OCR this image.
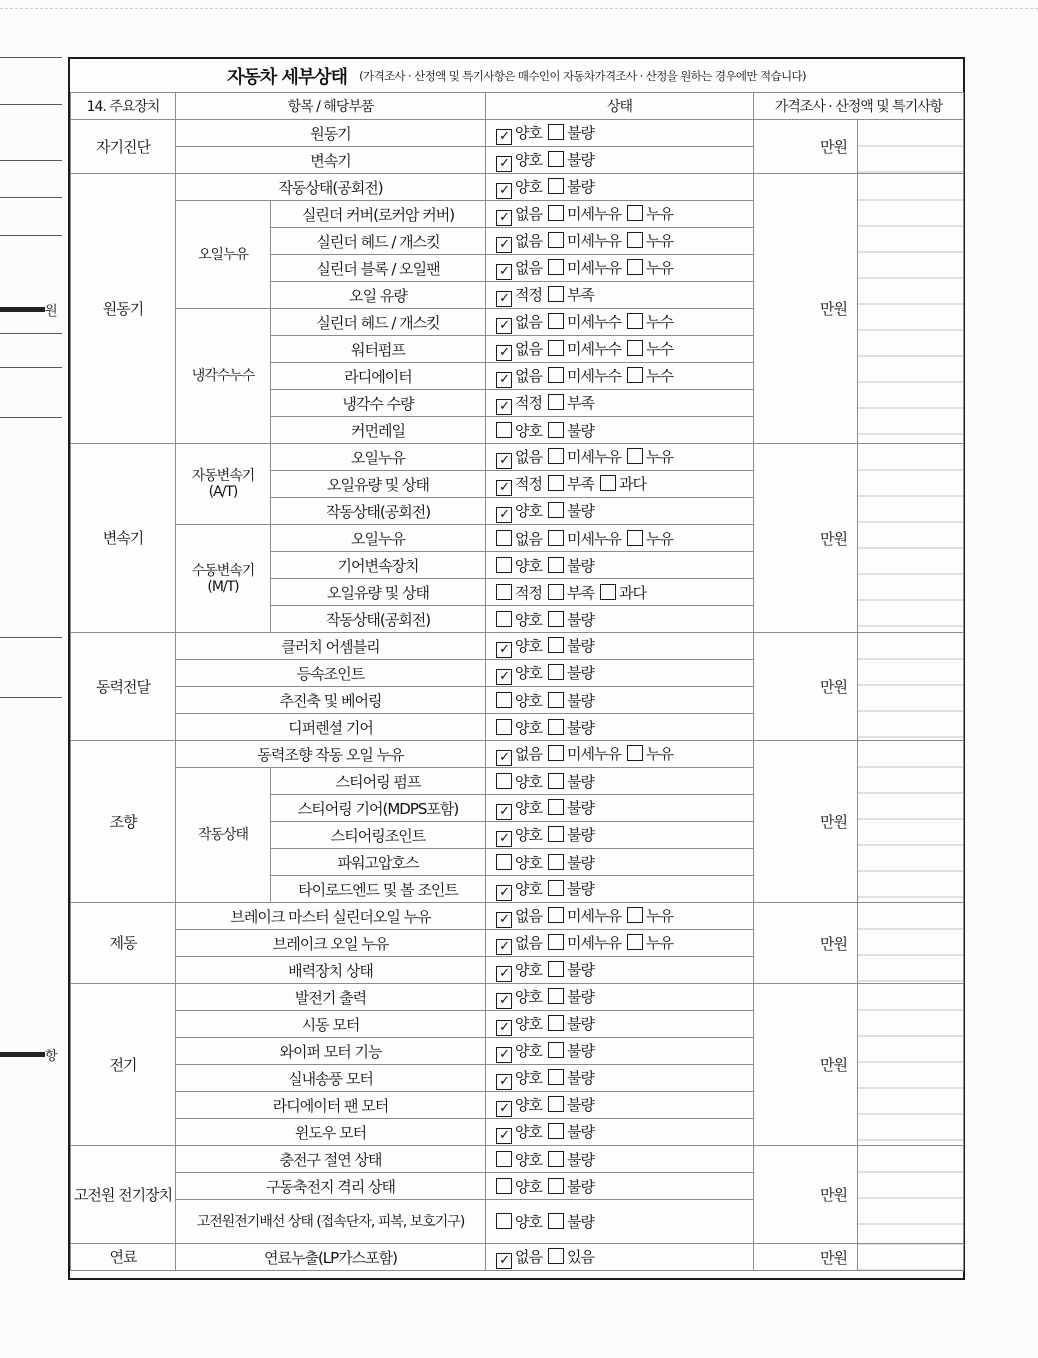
원
항
자동차 세부상태 (가격조사 · 산정액 및 특기사항은 매수인이 자동차가격조사 · 산정을 원하는 경우에만 적습니다)
14. 주요장치	항목 / 해당부품		상태	가격조사 · 산정액 및 특기사항	
자기진단	원동기		✓ 양호 불량	만원	
	변속기		✓ 양호 불량		
원동기	작동상태(공회전)		✓ 양호 불량	만원	
	오일누유	실린더 커버(로커암 커버)	✓ 없음 미세누유 누유		
		실린더 헤드 / 개스킷	✓ 없음 미세누유 누유		
		실린더 블록 / 오일팬	✓ 없음 미세누유 누유		
		오일 유량	✓ 적정 부족		
	냉각수누수	실린더 헤드 / 개스킷	✓ 없음 미세누수 누수		
		워터펌프	✓ 없음 미세누수 누수		
		라디에이터	✓ 없음 미세누수 누수		
		냉각수 수량	✓ 적정 부족		
		커먼레일	양호 불량		
변속기	자동변속기 (A/T)	오일누유	✓ 없음 미세누유 누유	만원	
		오일유량 및 상태	✓ 적정 부족 과다		
		작동상태(공회전)	✓ 양호 불량		
	수동변속기 (M/T)	오일누유	없음 미세누유 누유		
		기어변속장치	양호 불량		
		오일유량 및 상태	적정 부족 과다		
		작동상태(공회전)	양호 불량		
동력전달	클러치 어셈블리		✓ 양호 불량	만원	
	등속조인트		✓ 양호 불량		
	추진축 및 베어링		양호 불량		
	디퍼렌셜 기어		양호 불량		
조향	동력조향 작동 오일 누유		✓ 없음 미세누유 누유	만원	
	작동상태	스티어링 펌프	양호 불량		
		스티어링 기어(MDPS포함)	✓ 양호 불량		
		스티어링조인트	✓ 양호 불량		
		파워고압호스	양호 불량		
		타이로드엔드 및 볼 조인트	✓ 양호 불량		
제동	브레이크 마스터 실린더오일 누유		✓ 없음 미세누유 누유	만원	
	브레이크 오일 누유		✓ 없음 미세누유 누유		
	배력장치 상태		✓ 양호 불량		
전기	발전기 출력		✓ 양호 불량	만원	
	시동 모터		✓ 양호 불량		
	와이퍼 모터 기능		✓ 양호 불량		
	실내송풍 모터		✓ 양호 불량		
	라디에이터 팬 모터		✓ 양호 불량		
	윈도우 모터		✓ 양호 불량		
고전원 전기장치	충전구 절연 상태		양호 불량	만원	
	구동축전지 격리 상태		양호 불량		
	고전원전기배선 상태 (접속단자, 피복, 보호기구)		양호 불량		
연료	연료누출(LP가스포함)		✓ 없음 있음	만원	
